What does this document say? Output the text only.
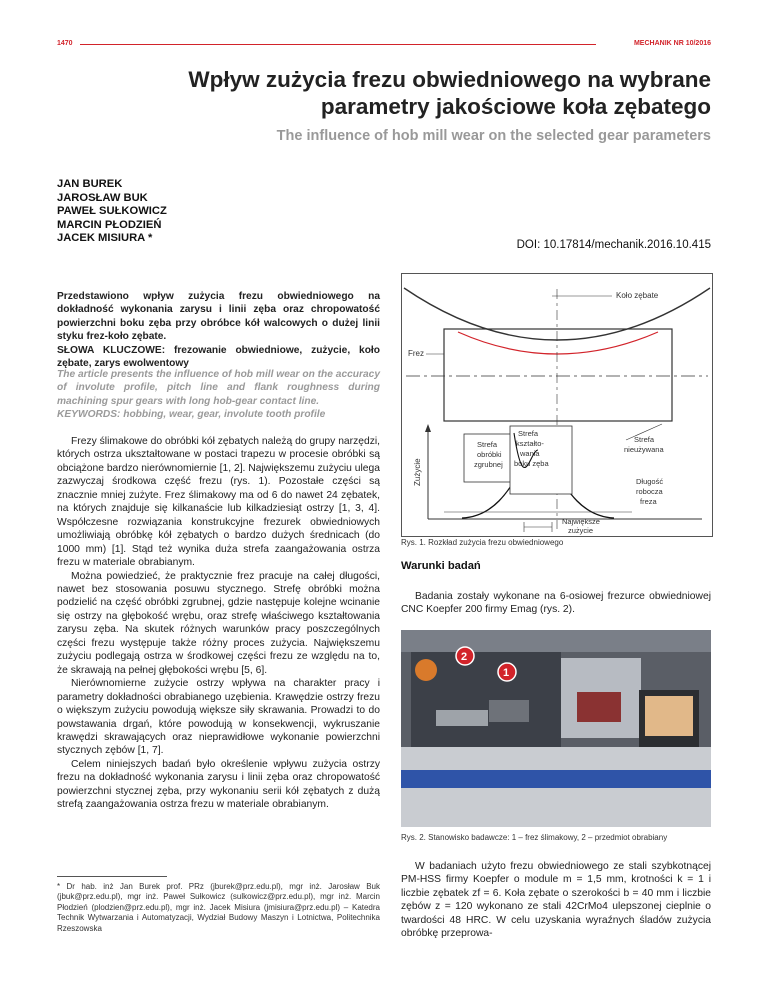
1470	MECHANIK NR 10/2016
Wpływ zużycia frezu obwiedniowego na wybrane parametry jakościowe koła zębatego
The influence of hob mill wear on the selected gear parameters
JAN BUREK
JAROSŁAW BUK
PAWEŁ SUŁKOWICZ
MARCIN PŁODZIEŃ
JACEK MISIURA *
DOI: 10.17814/mechanik.2016.10.415
Przedstawiono wpływ zużycia frezu obwiedniowego na dokładność wykonania zarysu i linii zęba oraz chropowatość powierzchni boku zęba przy obróbce kół walcowych o dużej linii styku frez-koło zębate.
SŁOWA KLUCZOWE: frezowanie obwiedniowe, zużycie, koło zębate, zarys ewolwentowy
The article presents the influence of hob mill wear on the accuracy of involute profile, pitch line and flank roughness during machining spur gears with long hob-gear contact line.
KEYWORDS: hobbing, wear, gear, involute tooth profile

Frezy ślimakowe do obróbki kół zębatych należą do grupy narzędzi, których ostrza ukształtowane w postaci trapezu w procesie obróbki są obciążone bardzo nierównomiernie [1, 2]. Największemu zużyciu ulega zazwyczaj środkowa część frezu (rys. 1). Pozostałe części są znacznie mniej zużyte. Frez ślimakowy ma od 6 do nawet 24 zębatek, na których znajduje się kilkanaście lub kilkadziesiąt ostrzy [1, 3, 4]. Współczesne rozwiązania konstrukcyjne frezurek obwiedniowych umożliwiają obróbkę kół zębatych o bardzo dużych średnicach (do 1000 mm) [1]. Stąd też wynika duża strefa zaangażowania ostrza frezu w materiale obrabianym.

Można powiedzieć, że praktycznie frez pracuje na całej długości, nawet bez stosowania posuwu stycznego. Strefę obróbki można podzielić na część obróbki zgrubnej, gdzie następuje kolejne wcinanie się ostrzy na głębokość wrębu, oraz strefę właściwego kształtowania zarysu zęba. Na skutek różnych warunków pracy poszczególnych części frezu występuje także różny proces zużycia. Największemu zużyciu podlegają ostrza w środkowej części frezu ze względu na to, że skrawają na pełnej głębokości wrębu [5, 6].

Nierównomierne zużycie ostrzy wpływa na charakter pracy i parametry dokładności obrabianego uzębienia. Krawędzie ostrzy frezu o większym zużyciu powodują większe siły skrawania. Prowadzi to do powstawania drgań, które powodują w konsekwencji, wykruszanie krawędzi skrawających oraz nieprawidłowe wykonanie powierzchni stycznych zębów [1, 7].

Celem niniejszych badań było określenie wpływu zużycia ostrzy frezu na dokładność wykonania zarysu i linii zęba oraz chropowatość powierzchni stycznej zęba, przy wykonaniu serii kół zębatych z dużą strefą zaangażowania ostrza frezu w materiale obrabianym.

* Dr hab. inż Jan Burek prof. PRz (jburek@prz.edu.pl), mgr inż. Jarosław Buk (jbuk@prz.edu.pl), mgr inż. Paweł Sułkowicz (sulkowicz@prz.edu.pl), mgr inż. Marcin Płodzień (plodzien@prz.edu.pl), mgr inż. Jacek Misiura (jmisiura@prz.edu.pl) – Katedra Technik Wytwarzania i Automatyzacji, Wydział Budowy Maszyn i Lotnictwa, Politechnika Rzeszowska
Koło zębate
Frez
Zużycie
Strefa
obróbki
zgrubnej
Strefa
kształto-
wania
boku zęba
Strefa
nieużywana
Długość
robocza
freza
Największe
zużycie
Rys. 1. Rozkład zużycia frezu obwiedniowego
Warunki badań

Badania zostały wykonane na 6-osiowej frezurce obwiedniowej CNC Koepfer 200 firmy Emag (rys. 2).

2
1
Rys. 2. Stanowisko badawcze: 1 – frez ślimakowy, 2 – przedmiot obrabiany

W badaniach użyto frezu obwiedniowego ze stali szybkotnącej PM-HSS firmy Koepfer o module m = 1,5 mm, krotności k = 1 i liczbie zębatek zf = 6. Koła zębate o szerokości b = 40 mm i liczbie zębów z = 120 wykonano ze stali 42CrMo4 ulepszonej cieplnie o twardości 48 HRC. W celu uzyskania wyraźnych śladów zużycia obróbkę przeprowa-
